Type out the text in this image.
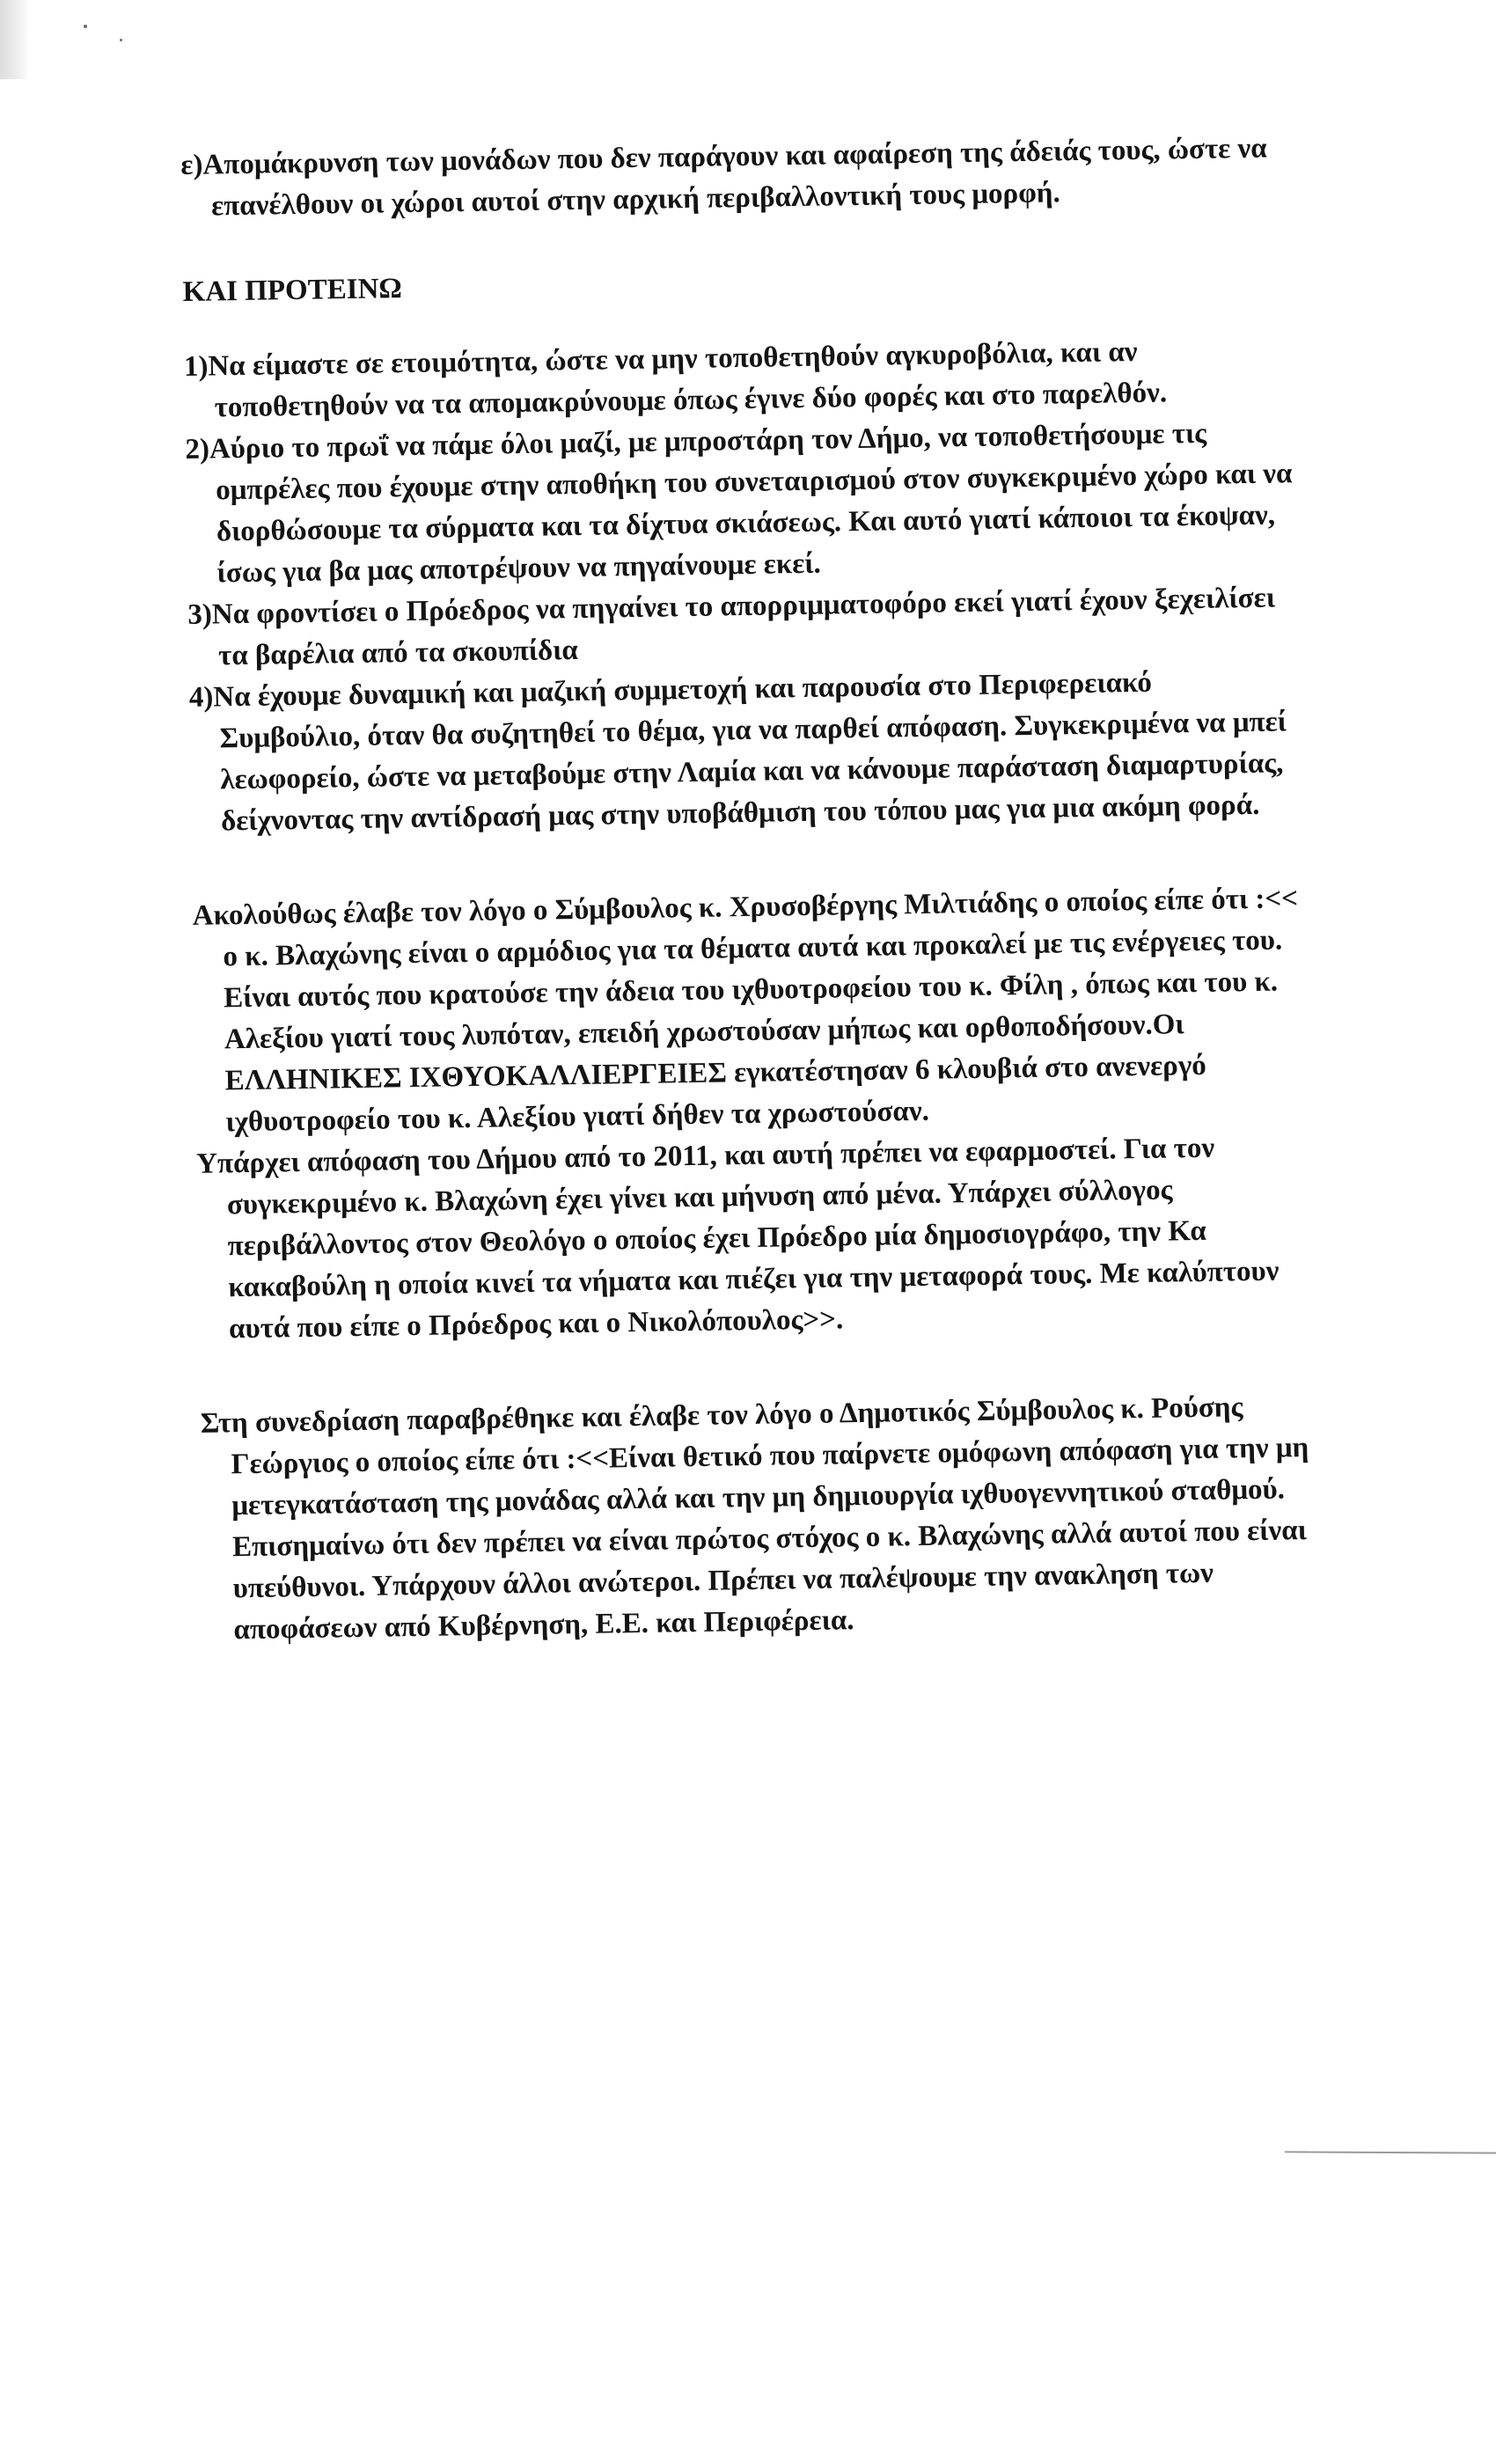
ε)Απομάκρυνση των μονάδων που δεν παράγουν και αφαίρεση της άδειάς τους, ώστε να επανέλθουν οι χώροι αυτοί στην αρχική περιβαλλοντική τους μορφή.

ΚΑΙ ΠΡΟΤΕΙΝΩ

1)Να είμαστε σε ετοιμότητα, ώστε να μην τοποθετηθούν αγκυροβόλια, και αν τοποθετηθούν να τα απομακρύνουμε όπως έγινε δύο φορές και στο παρελθόν.

2)Αύριο το πρωΐ να πάμε όλοι μαζί, με μπροστάρη τον Δήμο, να τοποθετήσουμε τις ομπρέλες που έχουμε στην αποθήκη του συνεταιρισμού στον συγκεκριμένο χώρο και να διορθώσουμε τα σύρματα και τα δίχτυα σκιάσεως. Και αυτό γιατί κάποιοι τα έκοψαν, ίσως για βα μας αποτρέψουν να πηγαίνουμε εκεί.

3)Να φροντίσει ο Πρόεδρος να πηγαίνει το απορριμματοφόρο εκεί γιατί έχουν ξεχειλίσει τα βαρέλια από τα σκουπίδια

4)Να έχουμε δυναμική και μαζική συμμετοχή και παρουσία στο Περιφερειακό Συμβούλιο, όταν θα συζητηθεί το θέμα, για να παρθεί απόφαση. Συγκεκριμένα να μπεί λεωφορείο, ώστε να μεταβούμε στην Λαμία και να κάνουμε παράσταση διαμαρτυρίας, δείχνοντας την αντίδρασή μας στην υποβάθμιση του τόπου μας για μια ακόμη φορά.

Ακολούθως έλαβε τον λόγο ο Σύμβουλος κ. Χρυσοβέργης Μιλτιάδης ο οποίος είπε ότι :<< ο κ. Βλαχώνης είναι ο αρμόδιος για τα θέματα αυτά και προκαλεί με τις ενέργειες του. Είναι αυτός που κρατούσε την άδεια του ιχθυοτροφείου του κ. Φίλη , όπως και του κ. Αλεξίου γιατί τους λυπόταν, επειδή χρωστούσαν μήπως και ορθοποδήσουν.Οι ΕΛΛΗΝΙΚΕΣ ΙΧΘΥΟΚΑΛΛΙΕΡΓΕΙΕΣ εγκατέστησαν 6 κλουβιά στο ανενεργό ιχθυοτροφείο του κ. Αλεξίου γιατί δήθεν τα χρωστούσαν.

Υπάρχει απόφαση του Δήμου από το 2011, και αυτή πρέπει να εφαρμοστεί. Για τον συγκεκριμένο κ. Βλαχώνη έχει γίνει και μήνυση από μένα. Υπάρχει σύλλογος περιβάλλοντος στον Θεολόγο ο οποίος έχει Πρόεδρο μία δημοσιογράφο, την Κα κακαβούλη η οποία κινεί τα νήματα και πιέζει για την μεταφορά τους. Με καλύπτουν αυτά που είπε ο Πρόεδρος και ο Νικολόπουλος>>.

Στη συνεδρίαση παραβρέθηκε και έλαβε τον λόγο ο Δημοτικός Σύμβουλος κ. Ρούσης Γεώργιος ο οποίος είπε ότι :<<Είναι θετικό που παίρνετε ομόφωνη απόφαση για την μη μετεγκατάσταση της μονάδας αλλά και την μη δημιουργία ιχθυογεννητικού σταθμού. Επισημαίνω ότι δεν πρέπει να είναι πρώτος στόχος ο κ. Βλαχώνης αλλά αυτοί που είναι υπεύθυνοι. Υπάρχουν άλλοι ανώτεροι. Πρέπει να παλέψουμε την ανακληση των αποφάσεων από Κυβέρνηση, Ε.Ε. και Περιφέρεια.
